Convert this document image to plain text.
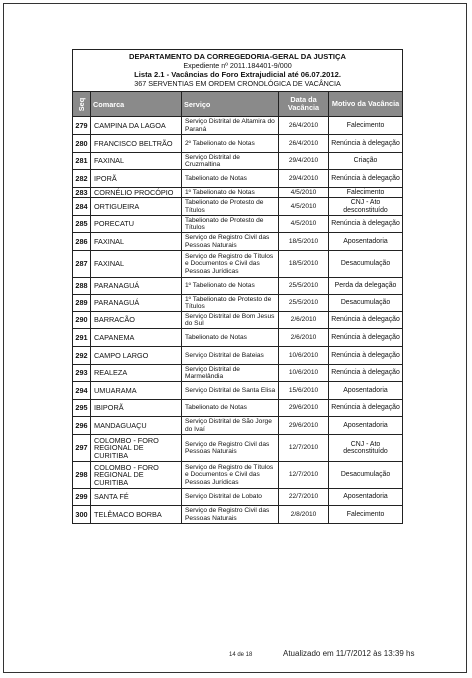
DEPARTAMENTO DA CORREGEDORIA-GERAL DA JUSTIÇA
Expediente nº 2011.184401-9/000
Lista 2.1 - Vacâncias do Foro Extrajudicial até 06.07.2012.
367 SERVENTIAS EM ORDEM CRONOLÓGICA DE VACÂNCIA				

Seq	Comarca	Serviço	Data da Vacância	Motivo da Vacância
279	CAMPINA DA LAGOA	Serviço Distrital de Altamira do Paraná	26/4/2010	Falecimento
280	FRANCISCO BELTRÃO	2º Tabelionato de Notas	26/4/2010	Renúncia à delegação
281	FAXINAL	Serviço Distrital de Cruzmaltina	29/4/2010	Criação
282	IPORÃ	Tabelionato de Notas	29/4/2010	Renúncia à delegação
283	CORNÉLIO PROCÓPIO	1º Tabelionato de Notas	4/5/2010	Falecimento
284	ORTIGUEIRA	Tabelionato de Protesto de Títulos	4/5/2010	CNJ - Ato desconstituído
285	PORECATU	Tabelionato de Protesto de Títulos	4/5/2010	Renúncia à delegação
286	FAXINAL	Serviço de Registro Civil das Pessoas Naturais	18/5/2010	Aposentadoria
287	FAXINAL	Serviço de Registro de Títulos e Documentos e Civil das Pessoas Jurídicas	18/5/2010	Desacumulação
288	PARANAGUÁ	1º Tabelionato de Notas	25/5/2010	Perda da delegação
289	PARANAGUÁ	1º Tabelionato de Protesto de Títulos	25/5/2010	Desacumulação
290	BARRACÃO	Serviço Distrital de Bom Jesus do Sul	2/6/2010	Renúncia à delegação
291	CAPANEMA	Tabelionato de Notas	2/6/2010	Renúncia à delegação
292	CAMPO LARGO	Serviço Distrital de Bateias	10/6/2010	Renúncia à delegação
293	REALEZA	Serviço Distrital de Marmelândia	10/6/2010	Renúncia à delegação
294	UMUARAMA	Serviço Distrital de Santa Elisa	15/6/2010	Aposentadoria
295	IBIPORÃ	Tabelionato de Notas	29/6/2010	Renúncia à delegação
296	MANDAGUAÇU	Serviço Distrital de São Jorge do Ivaí	29/6/2010	Aposentadoria
297	COLOMBO - FORO REGIONAL DE CURITIBA	Serviço de Registro Civil das Pessoas Naturais	12/7/2010	CNJ - Ato desconstituído
298	COLOMBO - FORO REGIONAL DE CURITIBA	Serviço de Registro de Títulos e Documentos e Civil das Pessoas Jurídicas	12/7/2010	Desacumulação
299	SANTA FÉ	Serviço Distrital de Lobato	22/7/2010	Aposentadoria
300	TELÊMACO BORBA	Serviço de Registro Civil das Pessoas Naturais	2/8/2010	Falecimento
14 de 18	Atualizado em 11/7/2012 às 13:39 hs
